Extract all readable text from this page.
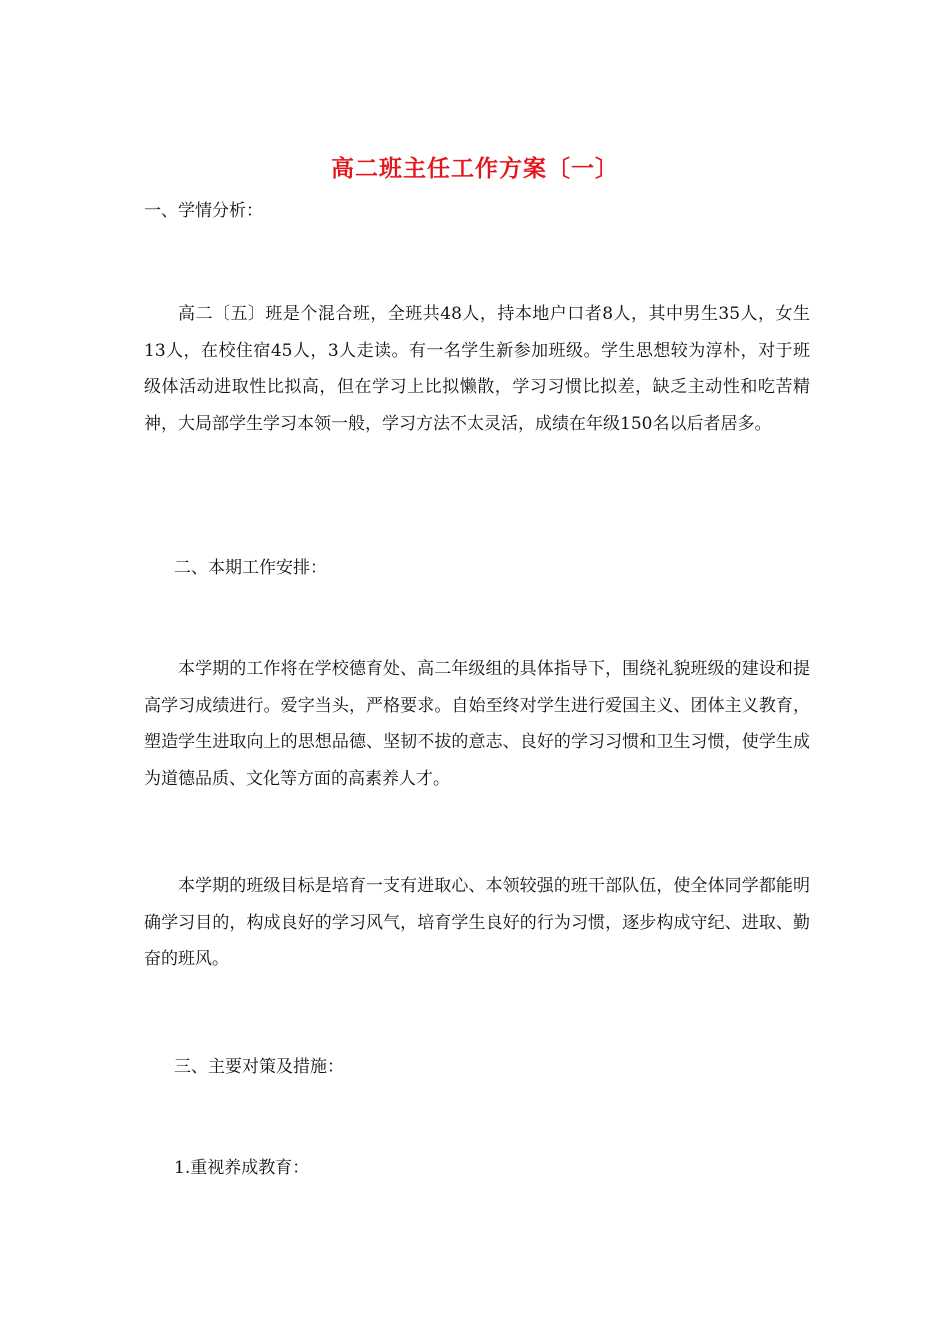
高二班主任工作方案〔一〕
一、学情分析：

高二〔五〕班是个混合班，全班共48人，持本地户口者8人，其中男生35人，女生13人，在校住宿45人，3人走读。有一名学生新参加班级。学生思想较为淳朴，对于班级体活动进取性比拟高，但在学习上比拟懒散，学习习惯比拟差，缺乏主动性和吃苦精神，大局部学生学习本领一般，学习方法不太灵活，成绩在年级150名以后者居多。

二、本期工作安排：

本学期的工作将在学校德育处、高二年级组的具体指导下，围绕礼貌班级的建设和提高学习成绩进行。爱字当头，严格要求。自始至终对学生进行爱国主义、团体主义教育，塑造学生进取向上的思想品德、坚韧不拔的意志、良好的学习习惯和卫生习惯，使学生成为道德品质、文化等方面的高素养人才。

本学期的班级目标是培育一支有进取心、本领较强的班干部队伍，使全体同学都能明确学习目的，构成良好的学习风气，培育学生良好的行为习惯，逐步构成守纪、进取、勤奋的班风。

三、主要对策及措施：
1.重视养成教育：
